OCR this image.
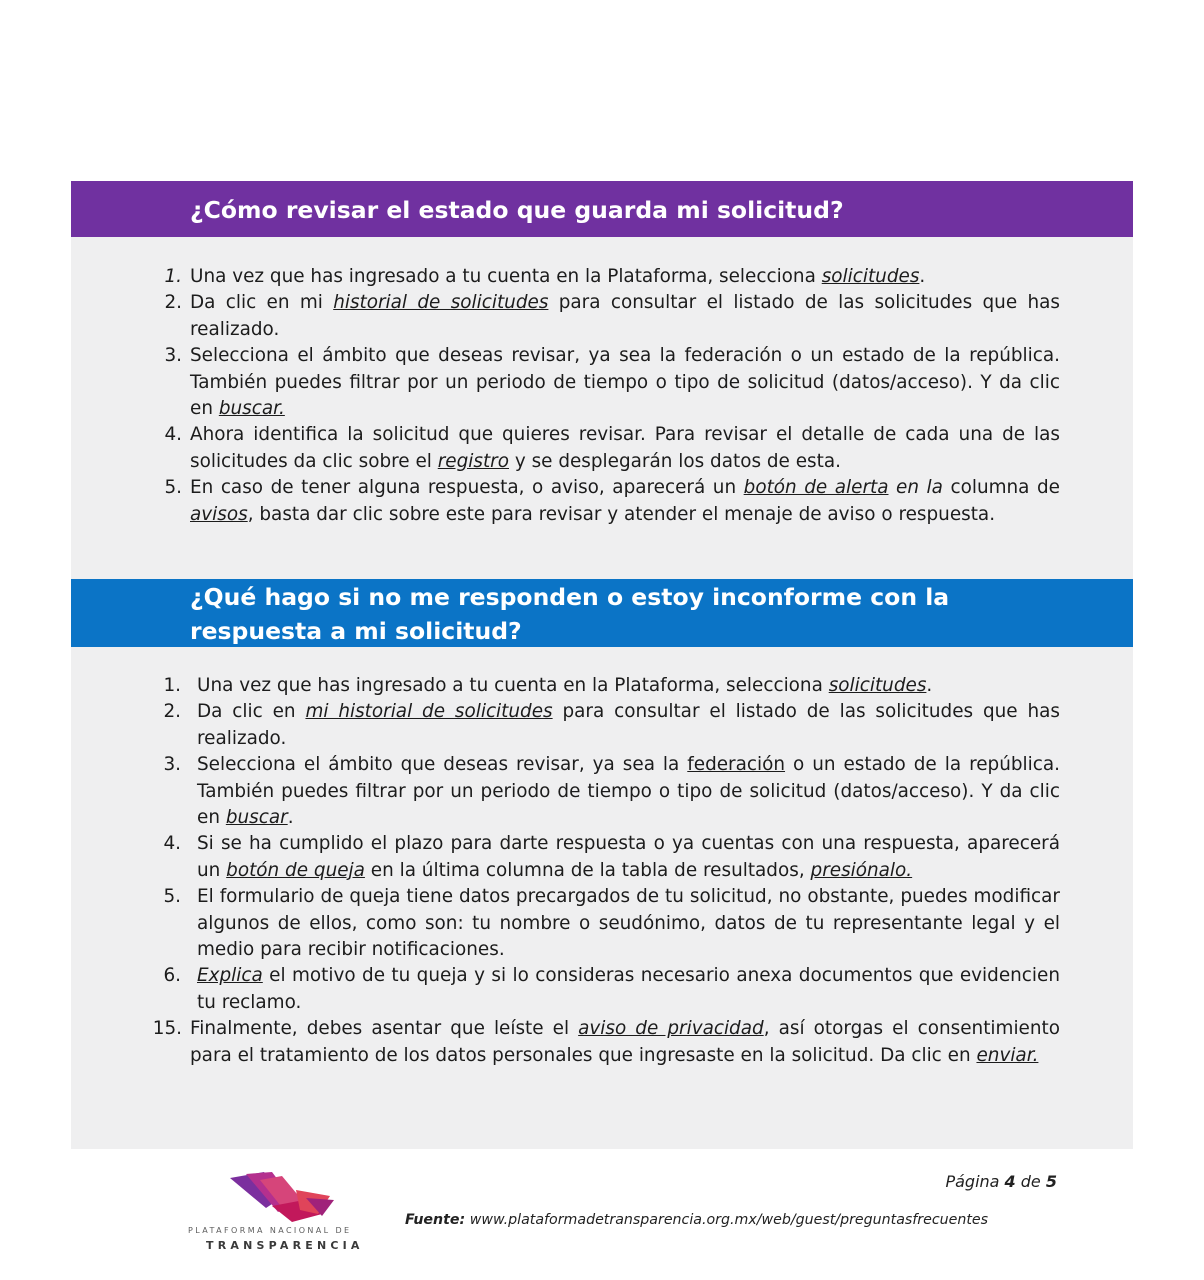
¿Cómo revisar el estado que guarda mi solicitud?
1. Una vez que has ingresado a tu cuenta en la Plataforma, selecciona solicitudes.
2. Da clic en mi historial de solicitudes para consultar el listado de las solicitudes que has realizado.
3. Selecciona el ámbito que deseas revisar, ya sea la federación o un estado de la república. También puedes filtrar por un periodo de tiempo o tipo de solicitud (datos/acceso). Y da clic en buscar.
4. Ahora identifica la solicitud que quieres revisar. Para revisar el detalle de cada una de las solicitudes da clic sobre el registro y se desplegarán los datos de esta.
5. En caso de tener alguna respuesta, o aviso, aparecerá un botón de alerta en la columna de avisos, basta dar clic sobre este para revisar y atender el menaje de aviso o respuesta.
¿Qué hago si no me responden o estoy inconforme con la
respuesta a mi solicitud?
1. Una vez que has ingresado a tu cuenta en la Plataforma, selecciona solicitudes.
2. Da clic en mi historial de solicitudes para consultar el listado de las solicitudes que has realizado.
3. Selecciona el ámbito que deseas revisar, ya sea la federación o un estado de la república. También puedes filtrar por un periodo de tiempo o tipo de solicitud (datos/acceso). Y da clic en buscar.
4. Si se ha cumplido el plazo para darte respuesta o ya cuentas con una respuesta, aparecerá un botón de queja en la última columna de la tabla de resultados, presiónalo.
5. El formulario de queja tiene datos precargados de tu solicitud, no obstante, puedes modificar algunos de ellos, como son: tu nombre o seudónimo, datos de tu representante legal y el medio para recibir notificaciones.
6. Explica el motivo de tu queja y si lo consideras necesario anexa documentos que evidencien tu reclamo.
15. Finalmente, debes asentar que leíste el aviso de privacidad, así otorgas el consentimiento para el tratamiento de los datos personales que ingresaste en la solicitud. Da clic en enviar.
PLATAFORMA NACIONAL DE
TRANSPARENCIA
Página 4 de 5
Fuente: www.plataformadetransparencia.org.mx/web/guest/preguntasfrecuentes
